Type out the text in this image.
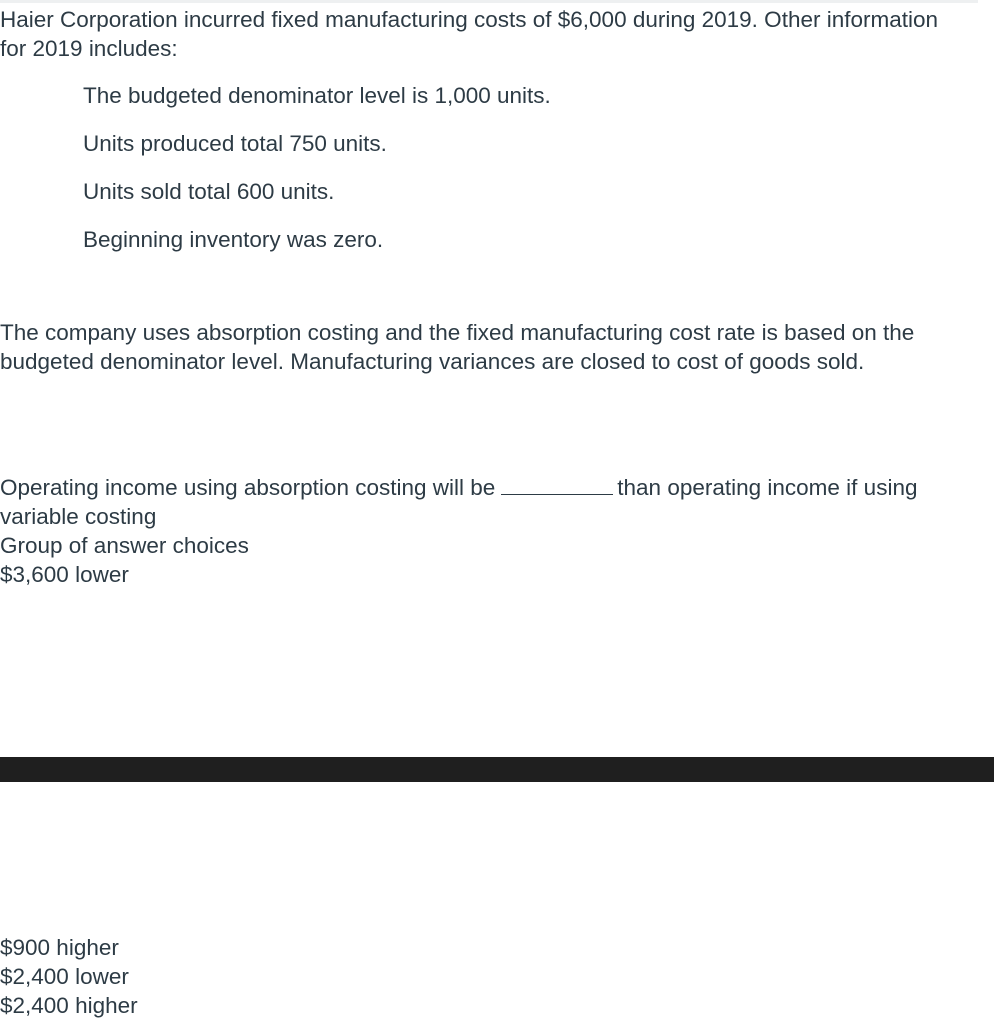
Haier Corporation incurred fixed manufacturing costs of $6,000 during 2019. Other information for 2019 includes:

The budgeted denominator level is 1,000 units.
Units produced total 750 units.
Units sold total 600 units.
Beginning inventory was zero.

The company uses absorption costing and the fixed manufacturing cost rate is based on the budgeted denominator level. Manufacturing variances are closed to cost of goods sold.

Operating income using absorption costing will be	than operating income if using variable costing

Group of answer choices

$3,600 lower

$900 higher

$2,400 lower

$2,400 higher
